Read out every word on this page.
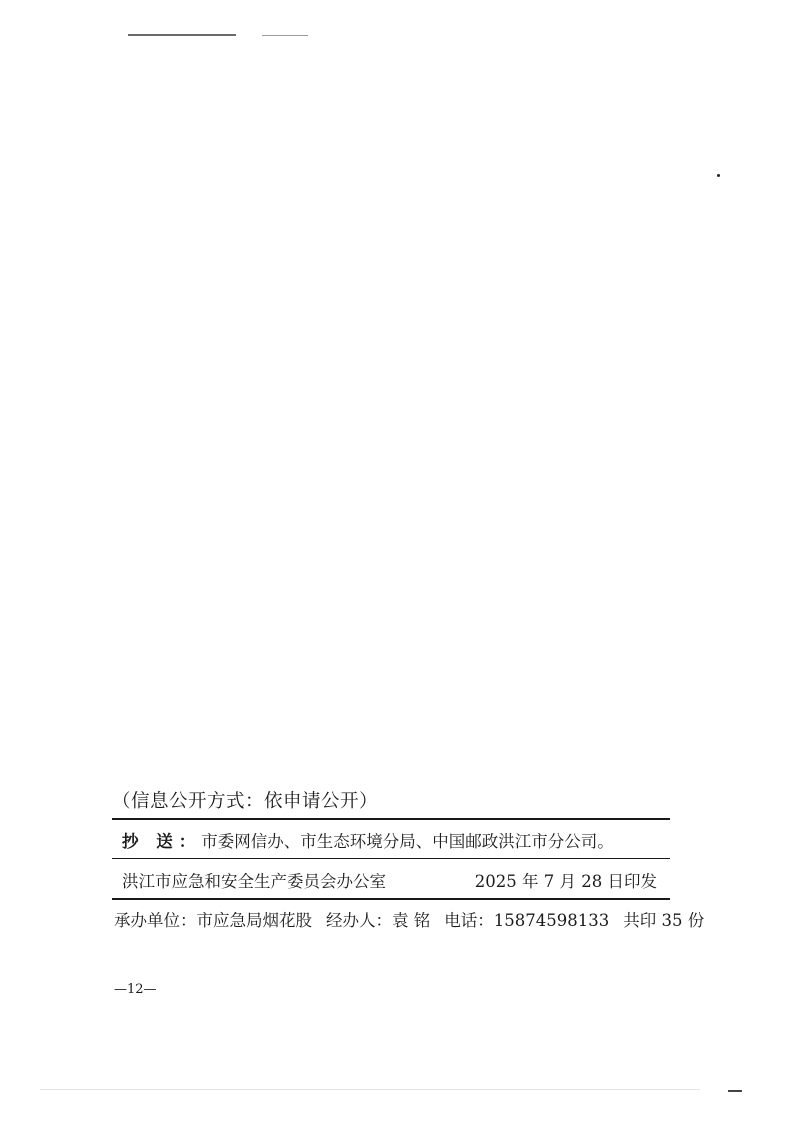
（信息公开方式：依申请公开）
抄 送：市委网信办、市生态环境分局、中国邮政洪江市分公司。
洪江市应急和安全生产委员会办公室	2025 年 7 月 28 日印发
承办单位：市应急局烟花股 经办人：袁 铭 电话：15874598133 共印 35 份
—12—
